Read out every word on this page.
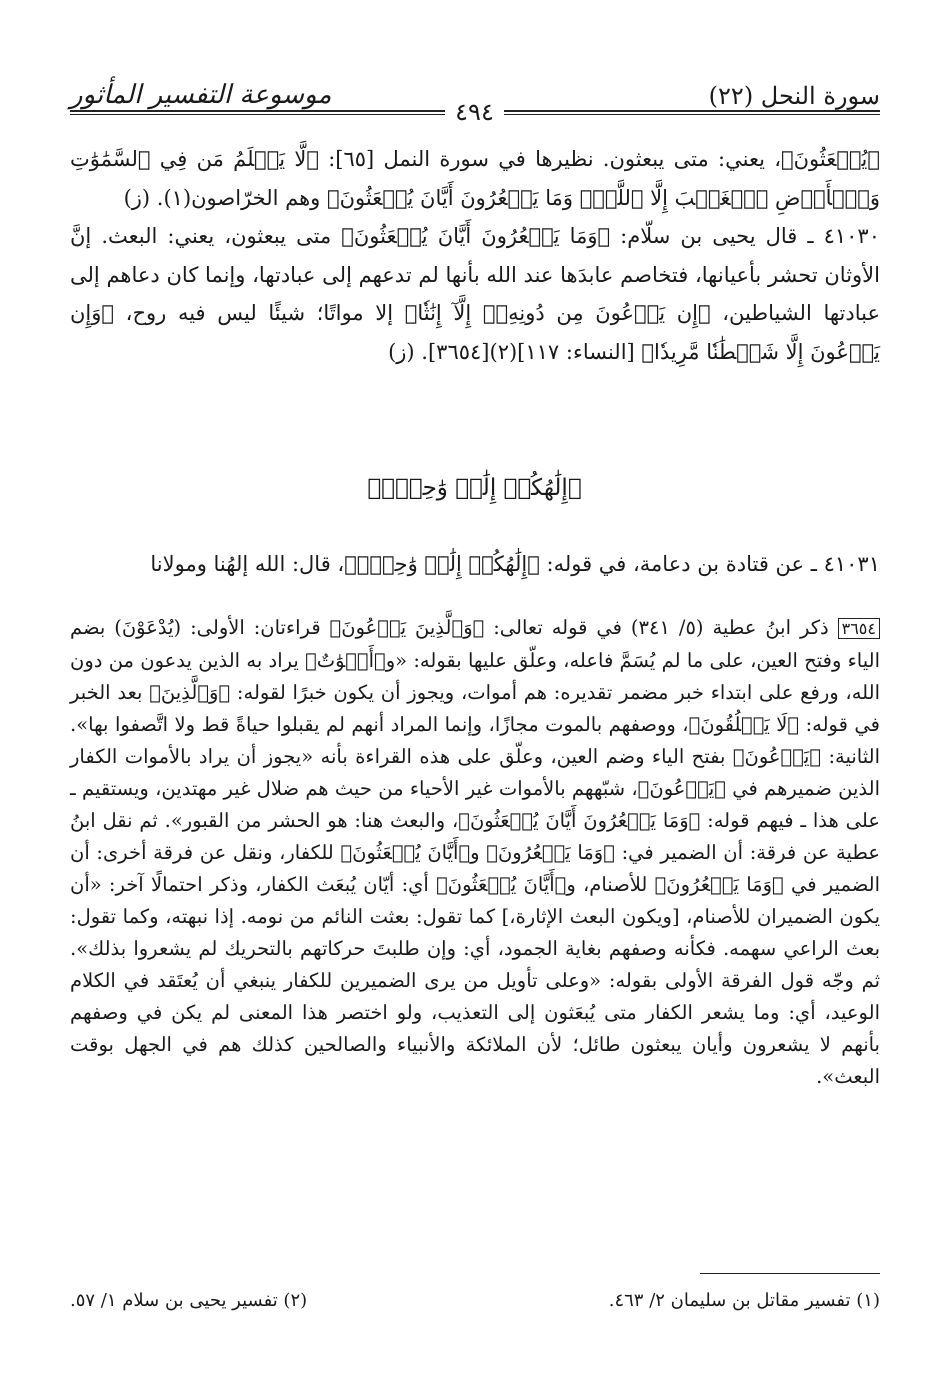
موسوعة التفسير المأثور	سورة النحل (٢٢)
٤٩٤

﴿يُبۡعَثُونَ﴾، يعني: متى يبعثون. نظيرها في سورة النمل [٦٥]: ﴿لَّا يَعۡلَمُ مَن فِي ٱلسَّمَٰوَٰتِ وَٱلۡأَرۡضِ ٱلۡغَيۡبَ إِلَّا ٱللَّهُۚ وَمَا يَشۡعُرُونَ أَيَّانَ يُبۡعَثُونَ﴾ وهم الخرّاصون(١). (ز)

٤١٠٣٠ ـ قال يحيى بن سلّام: ﴿وَمَا يَشۡعُرُونَ أَيَّانَ يُبۡعَثُونَ﴾ متى يبعثون، يعني: البعث. إنَّ الأوثان تحشر بأعيانها، فتخاصم عابدَها عند الله بأنها لم تدعهم إلى عبادتها، وإنما كان دعاهم إلى عبادتها الشياطين، ﴿إِن يَدۡعُونَ مِن دُونِهِۦٓ إِلَّآ إِنَٰثٗا﴾ إلا مواتًا؛ شيئًا ليس فيه روح، ﴿وَإِن يَدۡعُونَ إِلَّا شَيۡطَٰنٗا مَّرِيدٗا﴾ [النساء: ١١٧](٢)[٣٦٥٤]. (ز)

﴿إِلَٰهُكُمۡ إِلَٰهٞ وَٰحِدٞۚ﴾
٤١٠٣١ ـ عن قتادة بن دعامة، في قوله: ﴿إِلَٰهُكُمۡ إِلَٰهٞ وَٰحِدٞۚ﴾، قال: الله إلهُنا ومولانا
٣٦٥٤ ذكر ابنُ عطية (٥/ ٣٤١) في قوله تعالى: ﴿وَٱلَّذِينَ يَدۡعُونَ﴾ قراءتان: الأولى: (يُدْعَوْنَ) بضم الياء وفتح العين، على ما لم يُسَمَّ فاعله، وعلّق عليها بقوله: «و﴿أَمۡوَٰتٌ﴾ يراد به الذين يدعون من دون الله، ورفع على ابتداء خبر مضمر تقديره: هم أموات، ويجوز أن يكون خبرًا لقوله: ﴿وَٱلَّذِينَ﴾ بعد الخبر في قوله: ﴿لَا يَخۡلُقُونَ﴾، ووصفهم بالموت مجازًا، وإنما المراد أنهم لم يقبلوا حياةً قط ولا اتَّصفوا بها». الثانية: ﴿يَدۡعُونَ﴾ بفتح الياء وضم العين، وعلّق على هذه القراءة بأنه «يجوز أن يراد بالأموات الكفار الذين ضميرهم في ﴿يَدۡعُونَ﴾، شبّههم بالأموات غير الأحياء من حيث هم ضلال غير مهتدين، ويستقيم ـ على هذا ـ فيهم قوله: ﴿وَمَا يَشۡعُرُونَ أَيَّانَ يُبۡعَثُونَ﴾، والبعث هنا: هو الحشر من القبور». ثم نقل ابنُ عطية عن فرقة: أن الضمير في: ﴿وَمَا يَشۡعُرُونَ﴾ و﴿أَيَّانَ يُبۡعَثُونَ﴾ للكفار، ونقل عن فرقة أخرى: أن الضمير في ﴿وَمَا يَشۡعُرُونَ﴾ للأصنام، و﴿أَيَّانَ يُبۡعَثُونَ﴾ أي: أيّان يُبعَث الكفار، وذكر احتمالًا آخر: «أن يكون الضميران للأصنام، [ويكون البعث الإثارة،] كما تقول: بعثت النائم من نومه. إذا نبهته، وكما تقول: بعث الراعي سهمه. فكأنه وصفهم بغاية الجمود، أي: وإن طلبتَ حركاتهم بالتحريك لم يشعروا بذلك». ثم وجّه قول الفرقة الأولى بقوله: «وعلى تأويل من يرى الضميرين للكفار ينبغي أن يُعتَقد في الكلام الوعيد، أي: وما يشعر الكفار متى يُبعَثون إلى التعذيب، ولو اختصر هذا المعنى لم يكن في وصفهم بأنهم لا يشعرون وأيان يبعثون طائل؛ لأن الملائكة والأنبياء والصالحين كذلك هم في الجهل بوقت البعث».
(١) تفسير مقاتل بن سليمان ٢/ ٤٦٣.
(٢) تفسير يحيى بن سلام ١/ ٥٧.
